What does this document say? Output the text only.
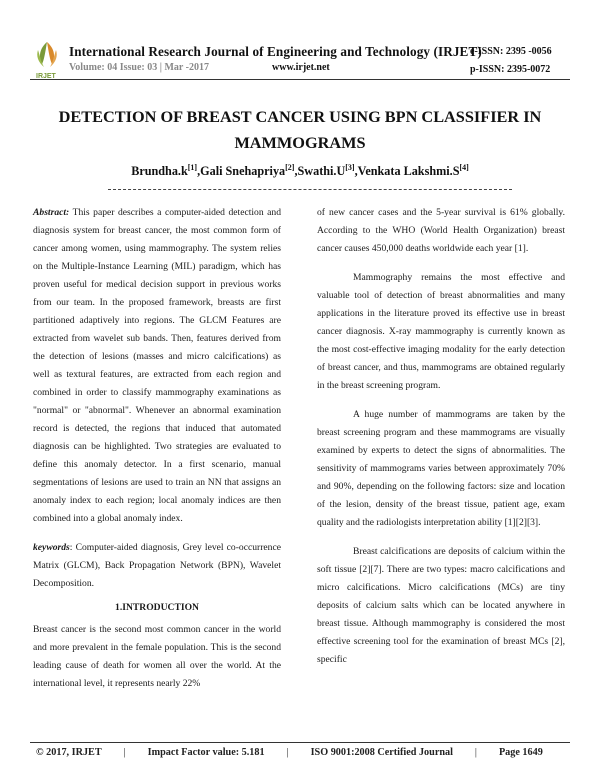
IRJET
International Research Journal of Engineering and Technology (IRJET)
Volume: 04 Issue: 03 | Mar -2017	www.irjet.net
e-ISSN: 2395 -0056
p-ISSN: 2395-0072
DETECTION OF BREAST CANCER USING BPN CLASSIFIER IN MAMMOGRAMS
Brundha.k[1],Gali Snehapriya[2],Swathi.U[3],Venkata Lakshmi.S[4]

Abstract: This paper describes a computer-aided detection and diagnosis system for breast cancer, the most common form of cancer among women, using mammography. The system relies on the Multiple-Instance Learning (MIL) paradigm, which has proven useful for medical decision support in previous works from our team. In the proposed framework, breasts are first partitioned adaptively into regions. The GLCM Features are extracted from wavelet sub bands. Then, features derived from the detection of lesions (masses and micro calcifications) as well as textural features, are extracted from each region and combined in order to classify mammography examinations as "normal" or "abnormal". Whenever an abnormal examination record is detected, the regions that induced that automated diagnosis can be highlighted. Two strategies are evaluated to define this anomaly detector. In a first scenario, manual segmentations of lesions are used to train an NN that assigns an anomaly index to each region; local anomaly indices are then combined into a global anomaly index.

keywords: Computer-aided diagnosis, Grey level co-occurrence Matrix (GLCM), Back Propagation Network (BPN), Wavelet Decomposition.

1.INTRODUCTION

Breast cancer is the second most common cancer in the world and more prevalent in the female population. This is the second leading cause of death for women all over the world. At the international level, it represents nearly 22%

of new cancer cases and the 5-year survival is 61% globally. According to the WHO (World Health Organization) breast cancer causes 450,000 deaths worldwide each year [1].

Mammography remains the most effective and valuable tool of detection of breast abnormalities and many applications in the literature proved its effective use in breast cancer diagnosis. X-ray mammography is currently known as the most cost-effective imaging modality for the early detection of breast cancer, and thus, mammograms are obtained regularly in the breast screening program.

A huge number of mammograms are taken by the breast screening program and these mammograms are visually examined by experts to detect the signs of abnormalities. The sensitivity of mammograms varies between approximately 70% and 90%, depending on the following factors: size and location of the lesion, density of the breast tissue, patient age, exam quality and the radiologists interpretation ability [1][2][3].

Breast calcifications are deposits of calcium within the soft tissue [2][7]. There are two types: macro calcifications and micro calcifications. Micro calcifications (MCs) are tiny deposits of calcium salts which can be located anywhere in breast tissue. Although mammography is considered the most effective screening tool for the examination of breast MCs [2], specific

© 2017, IRJET | Impact Factor value: 5.181 | ISO 9001:2008 Certified Journal | Page 1649
